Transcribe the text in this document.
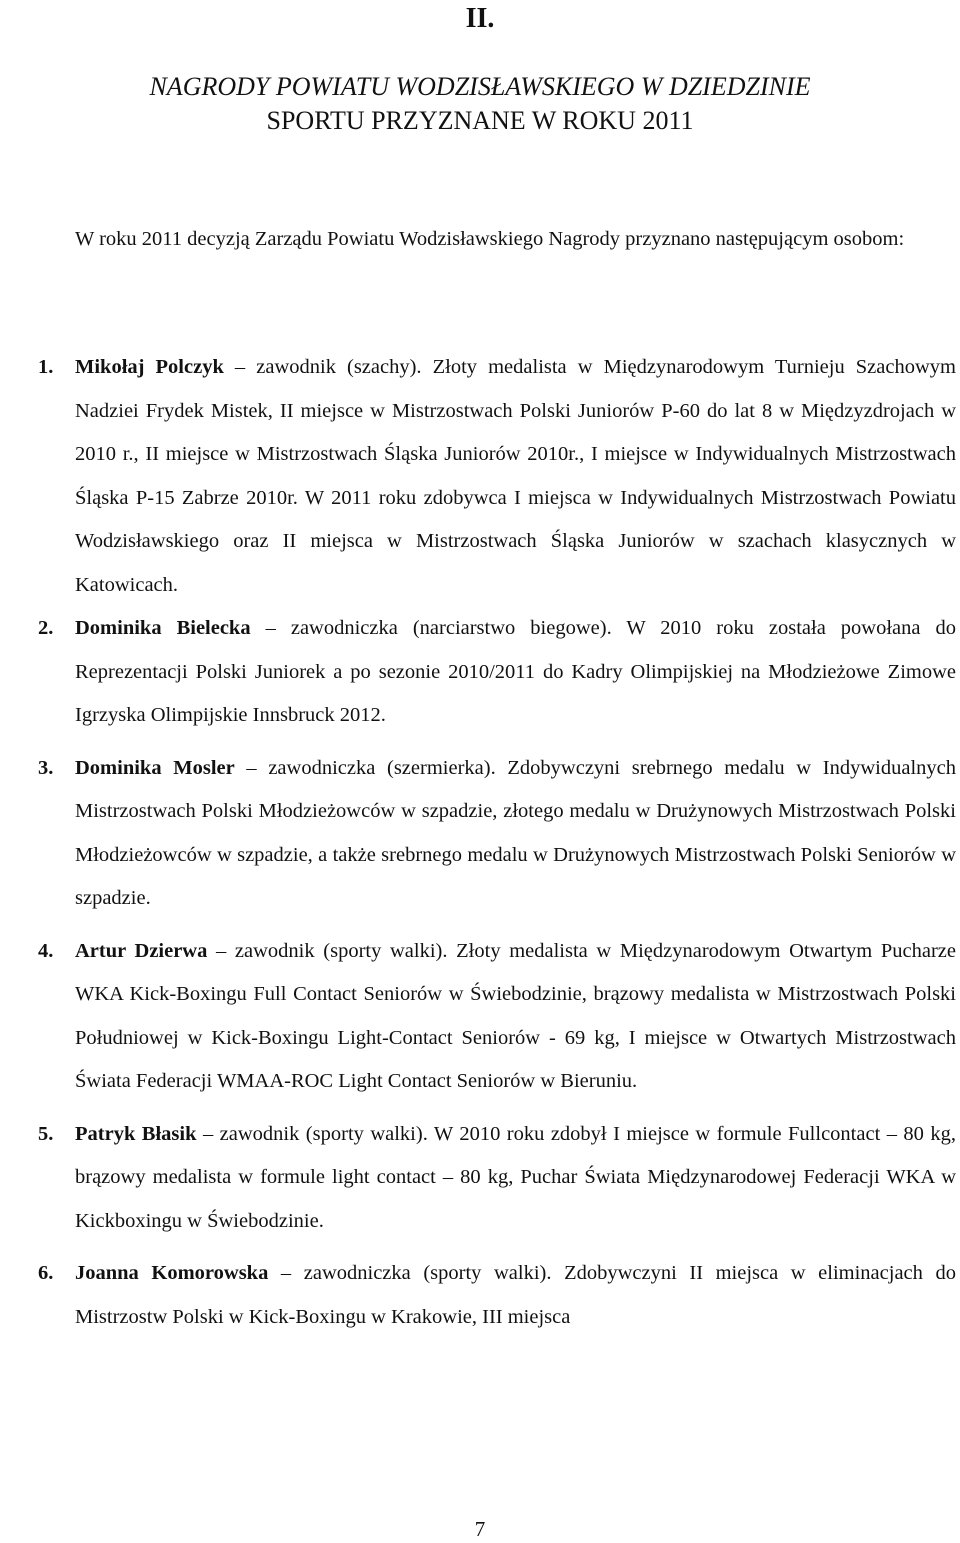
II.
NAGRODY POWIATU WODZISŁAWSKIEGO W DZIEDZINIE
SPORTU PRZYZNANE W ROKU 2011

W roku 2011 decyzją Zarządu Powiatu Wodzisławskiego Nagrody przyznano następującym osobom:

1. Mikołaj Polczyk – zawodnik (szachy). Złoty medalista w Międzynarodowym Turnieju Szachowym Nadziei Frydek Mistek, II miejsce w Mistrzostwach Polski Juniorów P-60 do lat 8 w Międzyzdrojach w 2010 r., II miejsce w Mistrzostwach Śląska Juniorów 2010r., I miejsce w Indywidualnych Mistrzostwach Śląska P-15 Zabrze 2010r. W 2011 roku zdobywca I miejsca w Indywidualnych Mistrzostwach Powiatu Wodzisławskiego oraz II miejsca w Mistrzostwach Śląska Juniorów w szachach klasycznych w Katowicach.
2. Dominika Bielecka – zawodniczka (narciarstwo biegowe). W 2010 roku została powołana do Reprezentacji Polski Juniorek a po sezonie 2010/2011 do Kadry Olimpijskiej na Młodzieżowe Zimowe Igrzyska Olimpijskie Innsbruck 2012.
3. Dominika Mosler – zawodniczka (szermierka). Zdobywczyni srebrnego medalu w Indywidualnych Mistrzostwach Polski Młodzieżowców w szpadzie, złotego medalu w Drużynowych Mistrzostwach Polski Młodzieżowców w szpadzie, a także srebrnego medalu w Drużynowych Mistrzostwach Polski Seniorów w szpadzie.
4. Artur Dzierwa – zawodnik (sporty walki). Złoty medalista w Międzynarodowym Otwartym Pucharze WKA Kick-Boxingu Full Contact Seniorów w Świebodzinie, brązowy medalista w Mistrzostwach Polski Południowej w Kick-Boxingu Light-Contact Seniorów - 69 kg, I miejsce w Otwartych Mistrzostwach Świata Federacji WMAA-ROC Light Contact Seniorów w Bieruniu.
5. Patryk Błasik – zawodnik (sporty walki). W 2010 roku zdobył I miejsce w formule Fullcontact – 80 kg, brązowy medalista w formule light contact – 80 kg, Puchar Świata Międzynarodowej Federacji WKA w Kickboxingu w Świebodzinie.
6. Joanna Komorowska – zawodniczka (sporty walki). Zdobywczyni II miejsca w eliminacjach do Mistrzostw Polski w Kick-Boxingu w Krakowie, III miejsca
7
